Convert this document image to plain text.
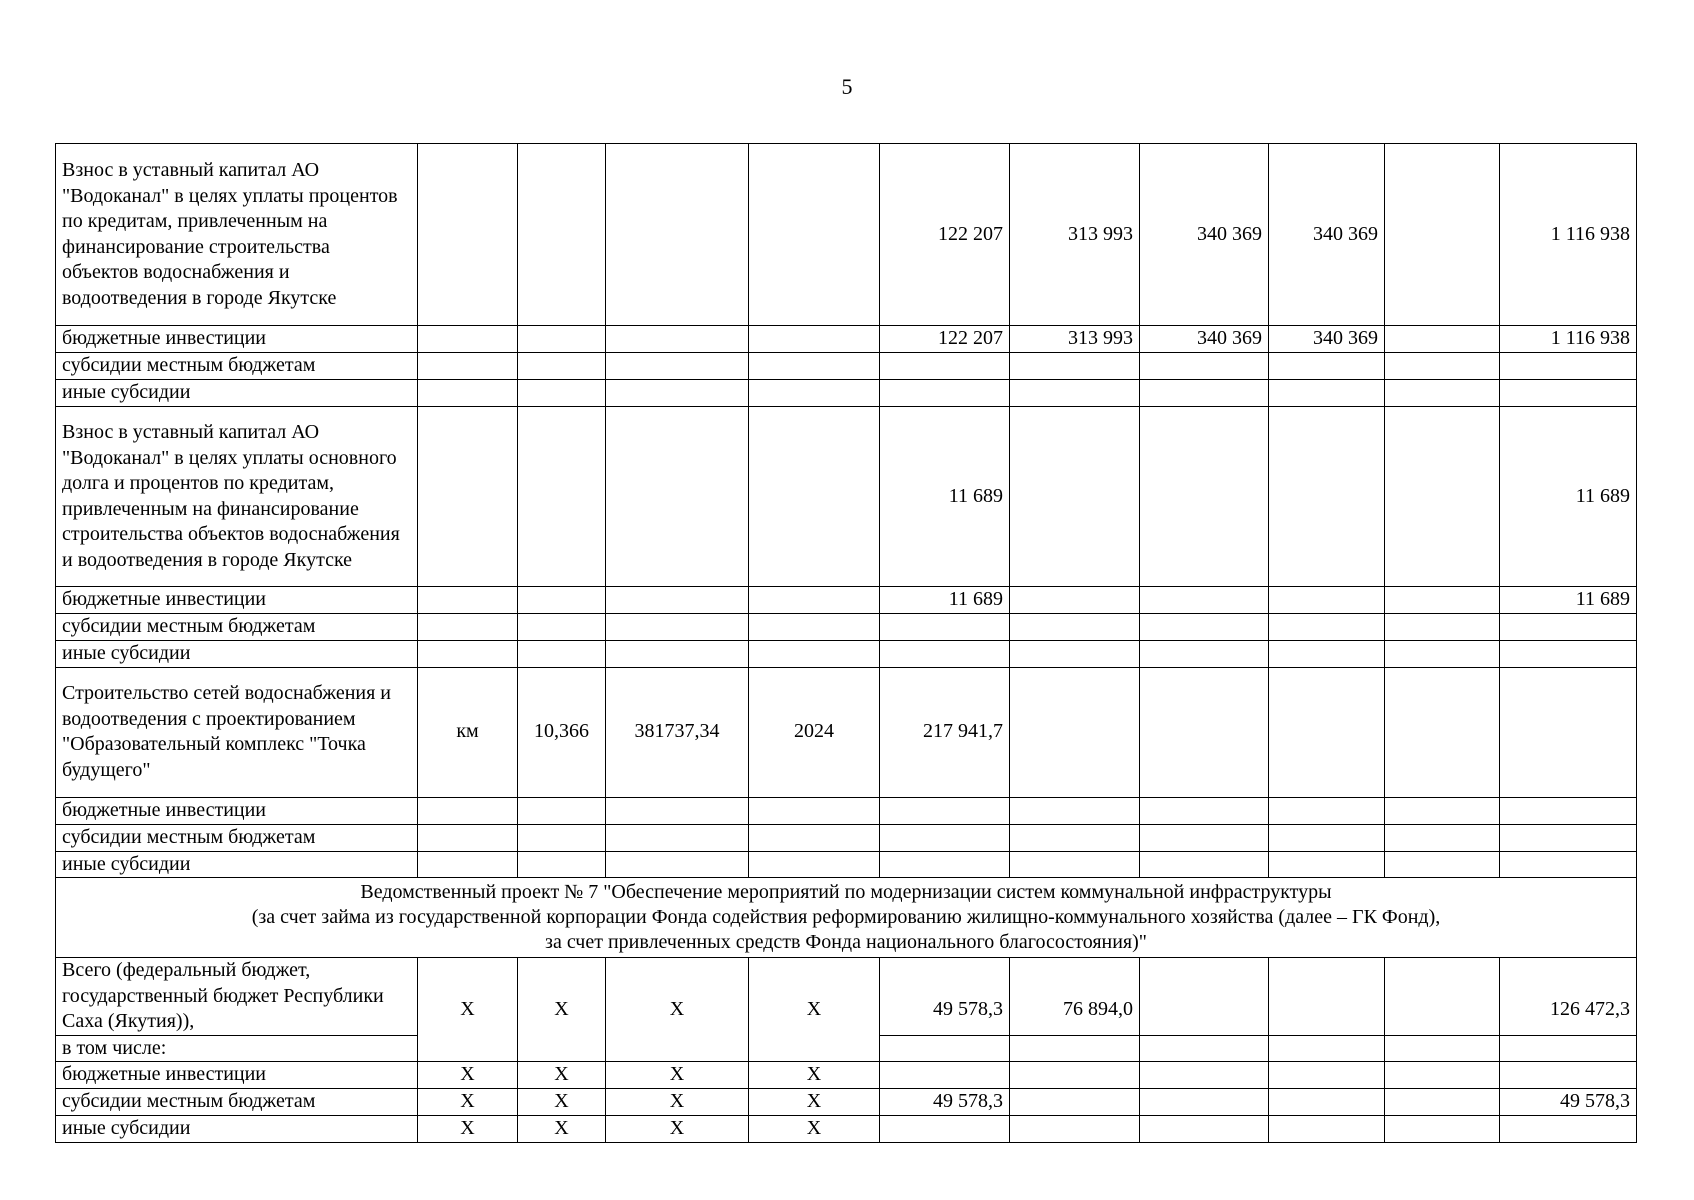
5
Взнос в уставный капитал АО "Водоканал" в целях уплаты процентов по кредитам, привлеченным на финансирование строительства объектов водоснабжения и водоотведения в городе Якутске					122 207	313 993	340 369	340 369		1 116 938
бюджетные инвестиции					122 207	313 993	340 369	340 369		1 116 938
субсидии местным бюджетам										
иные субсидии										
Взнос в уставный капитал АО "Водоканал" в целях уплаты основного долга и процентов по кредитам, привлеченным на финансирование строительства объектов водоснабжения и водоотведения в городе Якутске					11 689					11 689
бюджетные инвестиции					11 689					11 689
субсидии местным бюджетам										
иные субсидии										
Строительство сетей водоснабжения и водоотведения с проектированием "Образовательный комплекс "Точка будущего"	км	10,366	381737,34	2024	217 941,7					
бюджетные инвестиции										
субсидии местным бюджетам										
иные субсидии										

Ведомственный проект № 7 "Обеспечение мероприятий по модернизации систем коммунальной инфраструктуры
(за счет займа из государственной корпорации Фонда содействия реформированию жилищно-коммунального хозяйства (далее – ГК Фонд),
за счет привлеченных средств Фонда национального благосостояния)"										

Всего (федеральный бюджет, государственный бюджет Республики Саха (Якутия)),	Х	Х	Х	Х	49 578,3	76 894,0				126 472,3

в том числе:										
бюджетные инвестиции	Х	Х	Х	Х						
субсидии местным бюджетам	Х	Х	Х	Х	49 578,3					49 578,3
иные субсидии	Х	Х	Х	Х						
